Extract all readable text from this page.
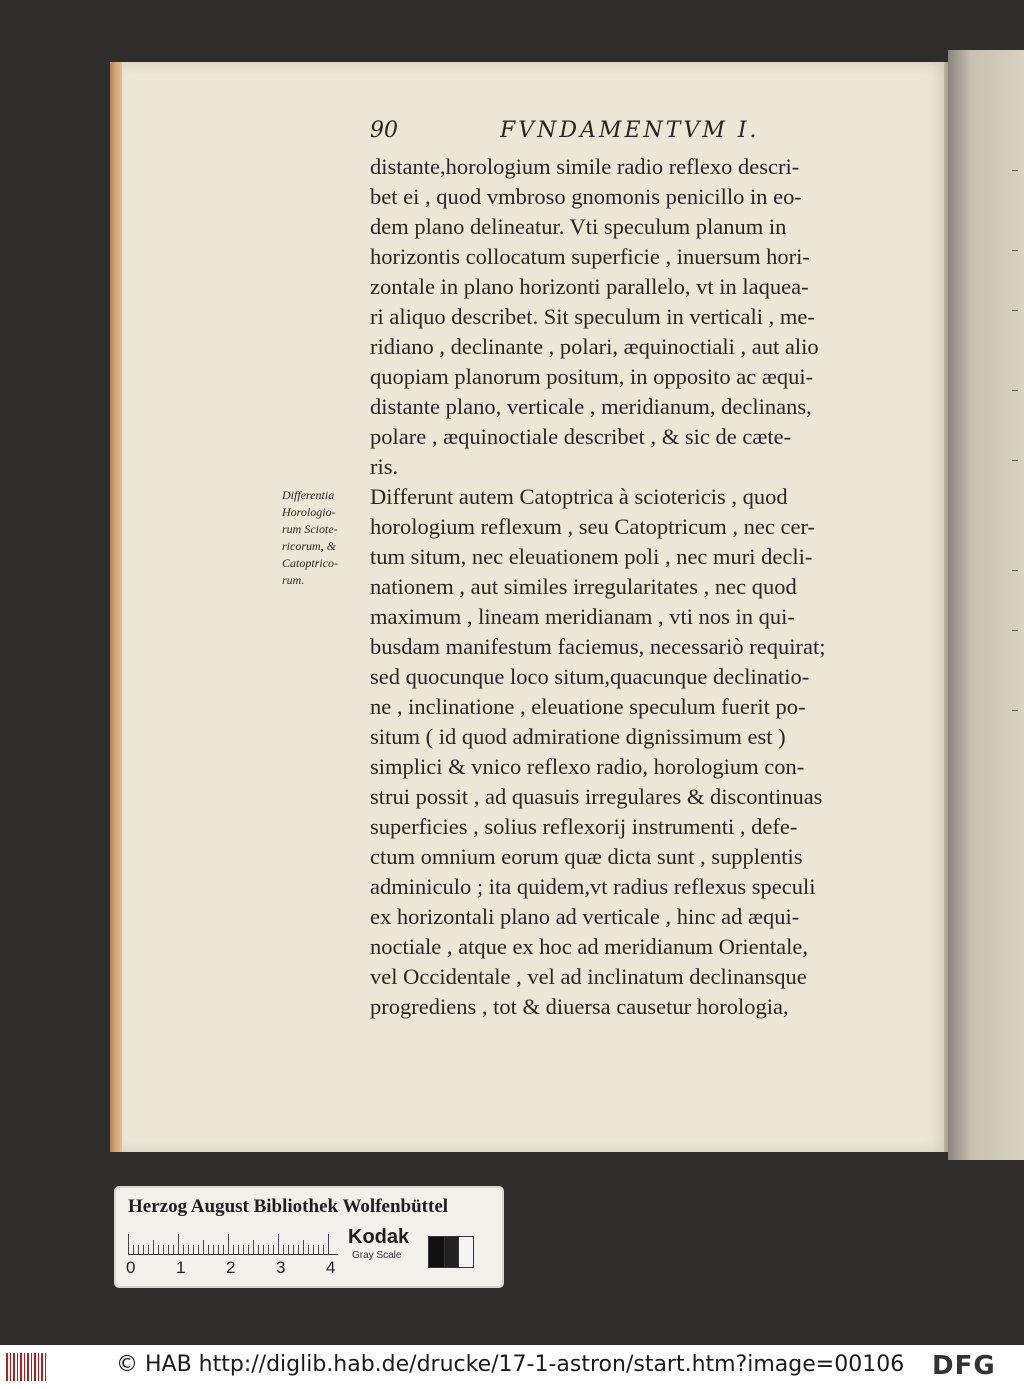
90	FVNDAMENTVM I.
distante,horologium simile radio reflexo descri-
bet ei , quod vmbroso gnomonis penicillo in eo-
dem plano delineatur. Vti speculum planum in
horizontis collocatum superficie , inuersum hori-
zontale in plano horizonti parallelo, vt in laquea-
ri aliquo describet. Sit speculum in verticali , me-
ridiano , declinante , polari, æquinoctiali , aut alio
quopiam planorum positum, in opposito ac æqui-
distante plano, verticale , meridianum, declinans,
polare , æquinoctiale describet , & sic de cæte-
ris.
Differunt autem Catoptrica à sciotericis , quod
horologium reflexum , seu Catoptricum , nec cer-
tum situm, nec eleuationem poli , nec muri decli-
nationem , aut similes irregularitates , nec quod
maximum , lineam meridianam , vti nos in qui-
busdam manifestum faciemus, necessariò requirat;
sed quocunque loco situm,quacunque declinatio-
ne , inclinatione , eleuatione speculum fuerit po-
situm ( id quod admiratione dignissimum est )
simplici & vnico reflexo radio, horologium con-
strui possit , ad quasuis irregulares & discontinuas
superficies , solius reflexorij instrumenti , defe-
ctum omnium eorum quæ dicta sunt , supplentis
adminiculo ; ita quidem,vt radius reflexus speculi
ex horizontali plano ad verticale , hinc ad æqui-
noctiale , atque ex hoc ad meridianum Orientale,
vel Occidentale , vel ad inclinatum declinansque
progrediens , tot & diuersa causetur horologia,
Differentia
Horologio-
rum Sciote-
ricorum, &
Catoptrico-
rum.
Herzog August Bibliothek Wolfenbüttel
0 1 2 3 4
Kodak
Gray Scale
© HAB http://diglib.hab.de/drucke/17-1-astron/start.htm?image=00106 DFG
